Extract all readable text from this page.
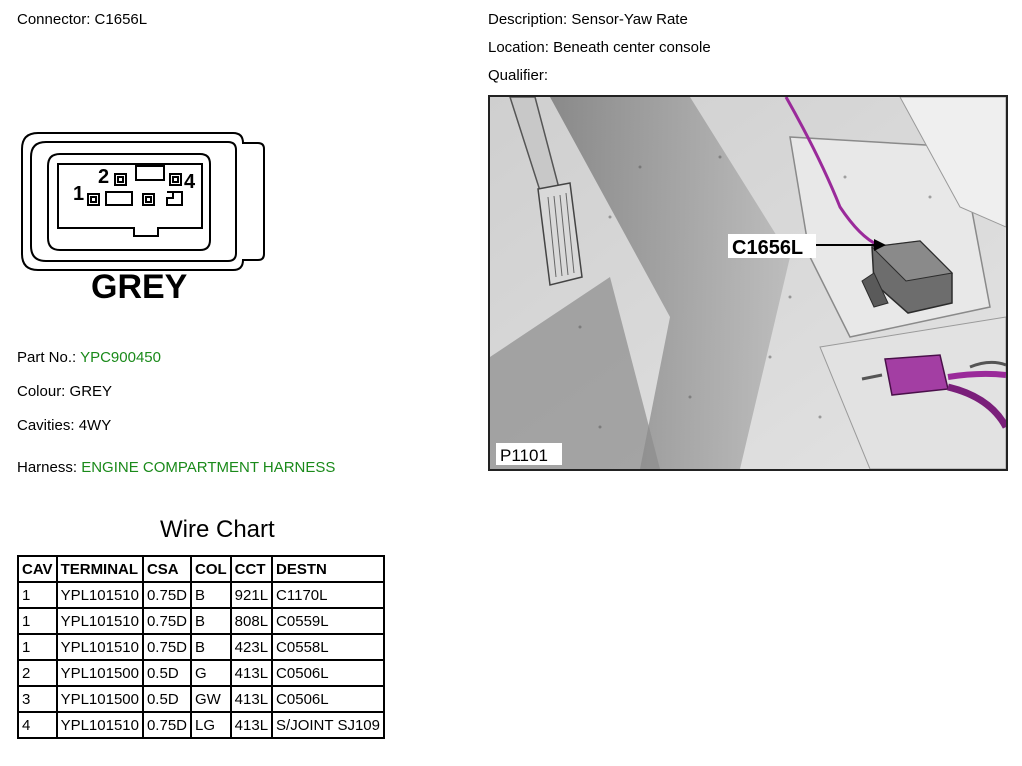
Connector: C1656L	Description: Sensor-Yaw Rate
Location: Beneath center console
Qualifier:
1
2	4
GREY
Part No.: YPC900450
Colour: GREY
Cavities: 4WY
Harness: ENGINE COMPARTMENT HARNESS
Wire Chart
CAV	TERMINAL	CSA	COL	CCT	DESTN
1	YPL101510	0.75D	B	921L	C1170L
1	YPL101510	0.75D	B	808L	C0559L
1	YPL101510	0.75D	B	423L	C0558L
2	YPL101500	0.5D	G	413L	C0506L
3	YPL101500	0.5D	GW	413L	C0506L
4	YPL101510	0.75D	LG	413L	S/JOINT SJ109
C1656L
P1101
